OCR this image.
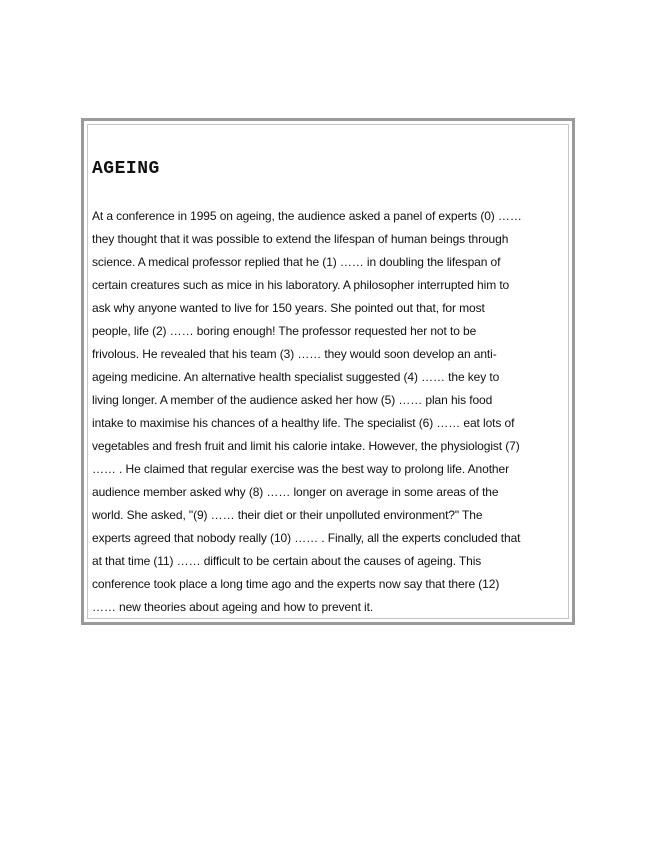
AGEING
At a conference in 1995 on ageing, the audience asked a panel of experts (0) ……
they thought that it was possible to extend the lifespan of human beings through
science. A medical professor replied that he (1) …… in doubling the lifespan of
certain creatures such as mice in his laboratory. A philosopher interrupted him to
ask why anyone wanted to live for 150 years. She pointed out that, for most
people, life (2) …… boring enough! The professor requested her not to be
frivolous. He revealed that his team (3) …… they would soon develop an anti-
ageing medicine. An alternative health specialist suggested (4) …… the key to
living longer. A member of the audience asked her how (5) …… plan his food
intake to maximise his chances of a healthy life. The specialist (6) …… eat lots of
vegetables and fresh fruit and limit his calorie intake. However, the physiologist (7)
…… . He claimed that regular exercise was the best way to prolong life. Another
audience member asked why (8) …… longer on average in some areas of the
world. She asked, "(9) …… their diet or their unpolluted environment?" The
experts agreed that nobody really (10) …… . Finally, all the experts concluded that
at that time (11) …… difficult to be certain about the causes of ageing. This
conference took place a long time ago and the experts now say that there (12)
…… new theories about ageing and how to prevent it.
